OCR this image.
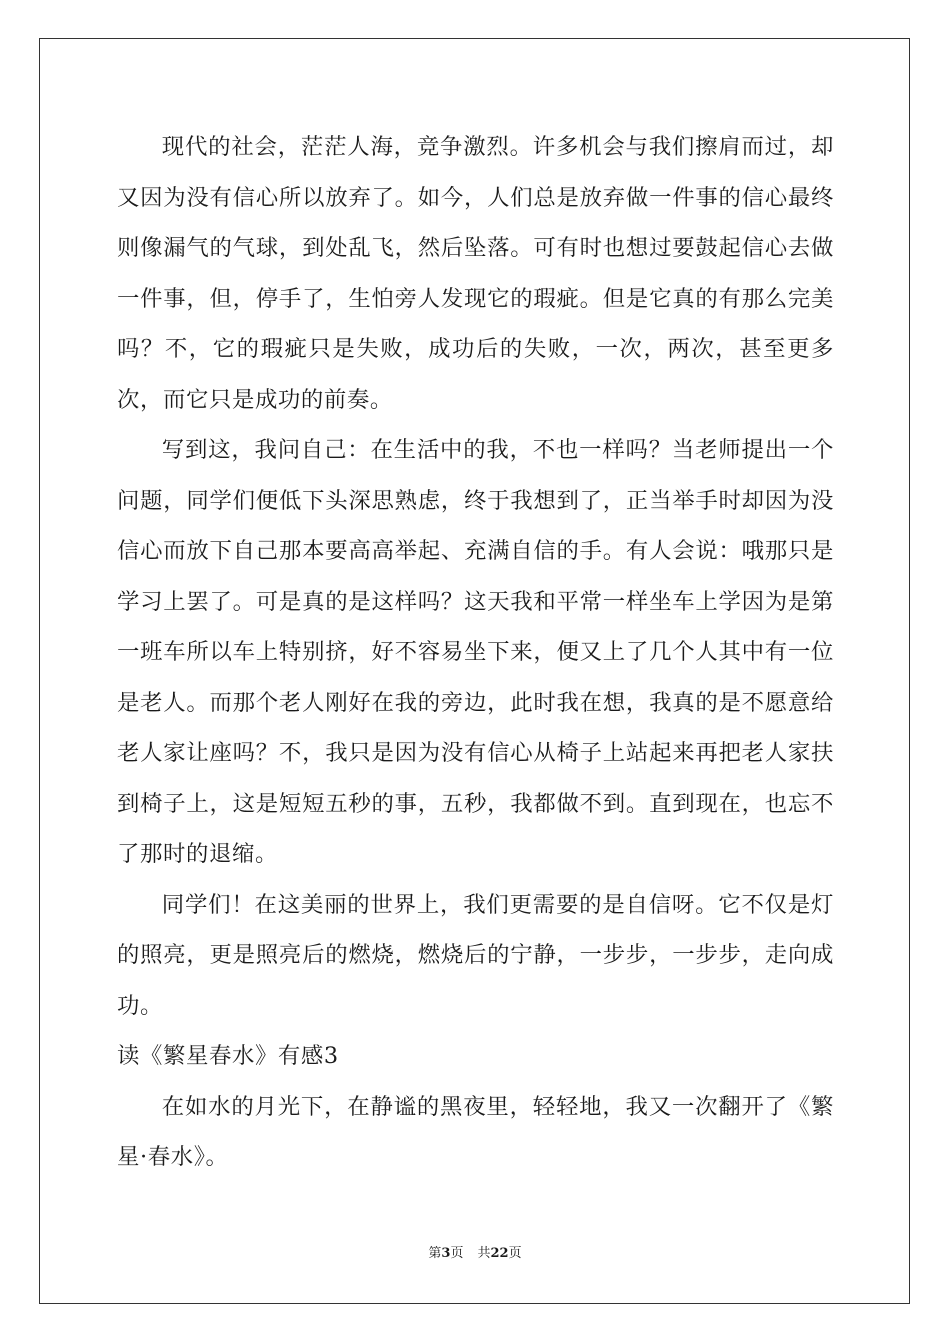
现代的社会，茫茫人海，竞争激烈。许多机会与我们擦肩而过，却又因为没有信心所以放弃了。如今，人们总是放弃做一件事的信心最终则像漏气的气球，到处乱飞，然后坠落。可有时也想过要鼓起信心去做一件事，但，停手了，生怕旁人发现它的瑕疵。但是它真的有那么完美吗？不，它的瑕疵只是失败，成功后的失败，一次，两次，甚至更多次，而它只是成功的前奏。

写到这，我问自己：在生活中的我，不也一样吗？当老师提出一个问题，同学们便低下头深思熟虑，终于我想到了，正当举手时却因为没信心而放下自己那本要高高举起、充满自信的手。有人会说：哦那只是学习上罢了。可是真的是这样吗？这天我和平常一样坐车上学因为是第一班车所以车上特别挤，好不容易坐下来，便又上了几个人其中有一位是老人。而那个老人刚好在我的旁边，此时我在想，我真的是不愿意给老人家让座吗？不，我只是因为没有信心从椅子上站起来再把老人家扶到椅子上，这是短短五秒的事，五秒，我都做不到。直到现在，也忘不了那时的退缩。

同学们！在这美丽的世界上，我们更需要的是自信呀。它不仅是灯的照亮，更是照亮后的燃烧，燃烧后的宁静，一步步，一步步，走向成功。

读《繁星春水》有感3

在如水的月光下，在静谧的黑夜里，轻轻地，我又一次翻开了《繁星·春水》。

第3页 共22页
